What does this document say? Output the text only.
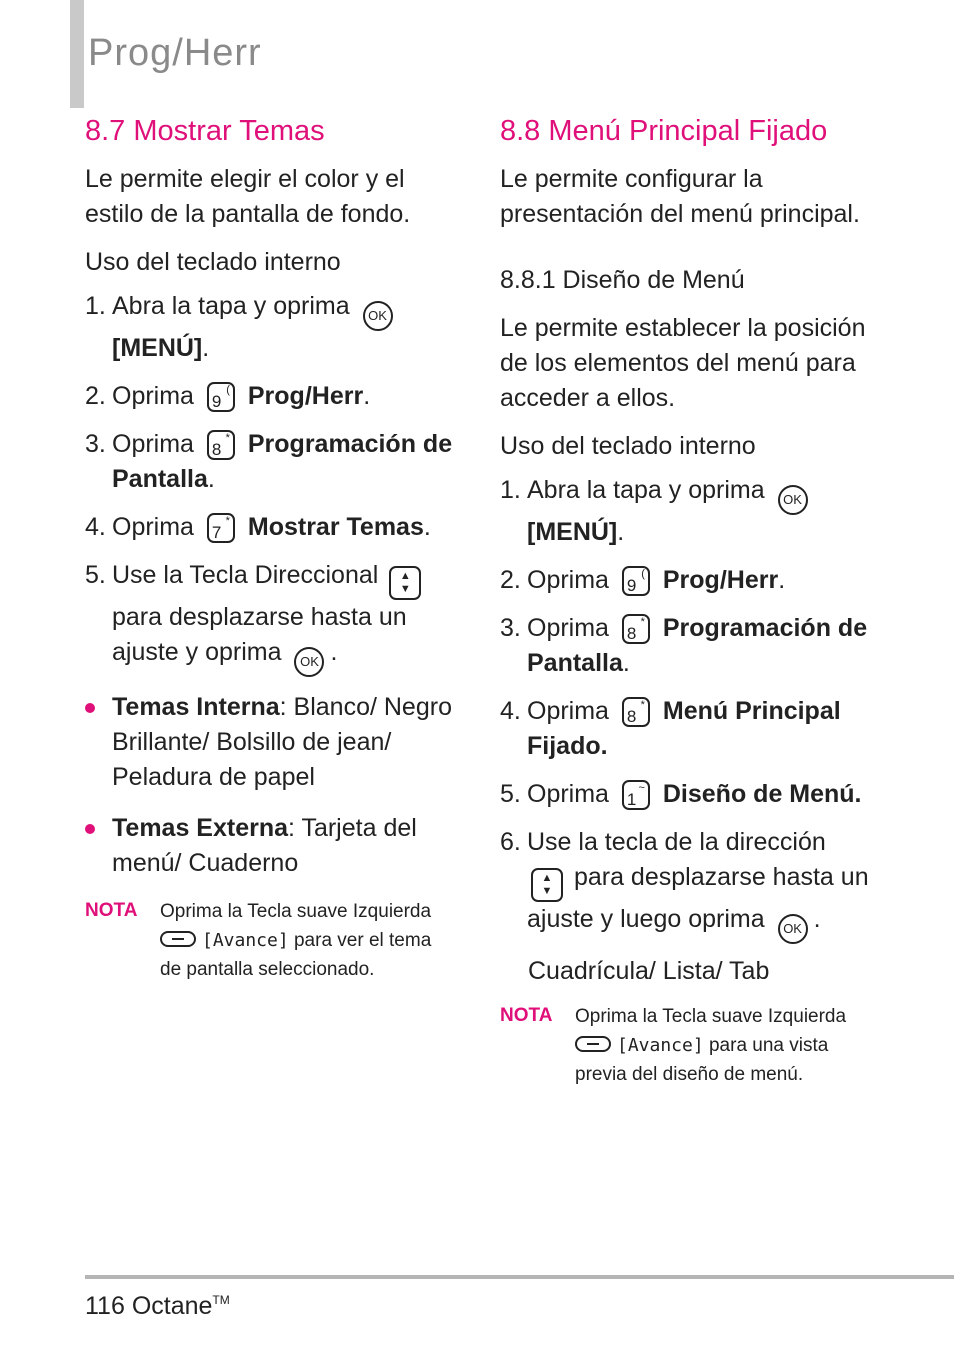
Prog/Herr
8.7 Mostrar Temas

Le permite elegir el color y el estilo de la pantalla de fondo.

Uso del teclado interno

1. Abra la tapa y oprima OK
[MENÚ].
2. Oprima 9
( Prog/Herr.
3. Oprima 8
* Programación de Pantalla.
4. Oprima 7
* Mostrar Temas.
5. Use la Tecla Direccional	▲
▼
para desplazarse hasta un ajuste y oprima OK .
Temas Interna: Blanco/ Negro Brillante/ Bolsillo de jean/ Peladura de papel
Temas Externa: Tarjeta del menú/ Cuaderno
NOTA Oprima la Tecla suave Izquierda
[Avance] para ver el tema de pantalla seleccionado.
8.8 Menú Principal Fijado

Le permite configurar la presentación del menú principal.

8.8.1 Diseño de Menú

Le permite establecer la posición de los elementos del menú para acceder a ellos.

Uso del teclado interno

1. Abra la tapa y oprima OK
[MENÚ].
2. Oprima 9
( Prog/Herr.
3. Oprima 8
* Programación de Pantalla.
4. Oprima 8
* Menú Principal Fijado.
5. Oprima 1
~ Diseño de Menú.
6. Use la tecla de la dirección
▲
▼ para desplazarse hasta un ajuste y luego oprima OK .

Cuadrícula/ Lista/ Tab

NOTA Oprima la Tecla suave Izquierda
[Avance] para una vista previa del diseño de menú.
116 Octane™
